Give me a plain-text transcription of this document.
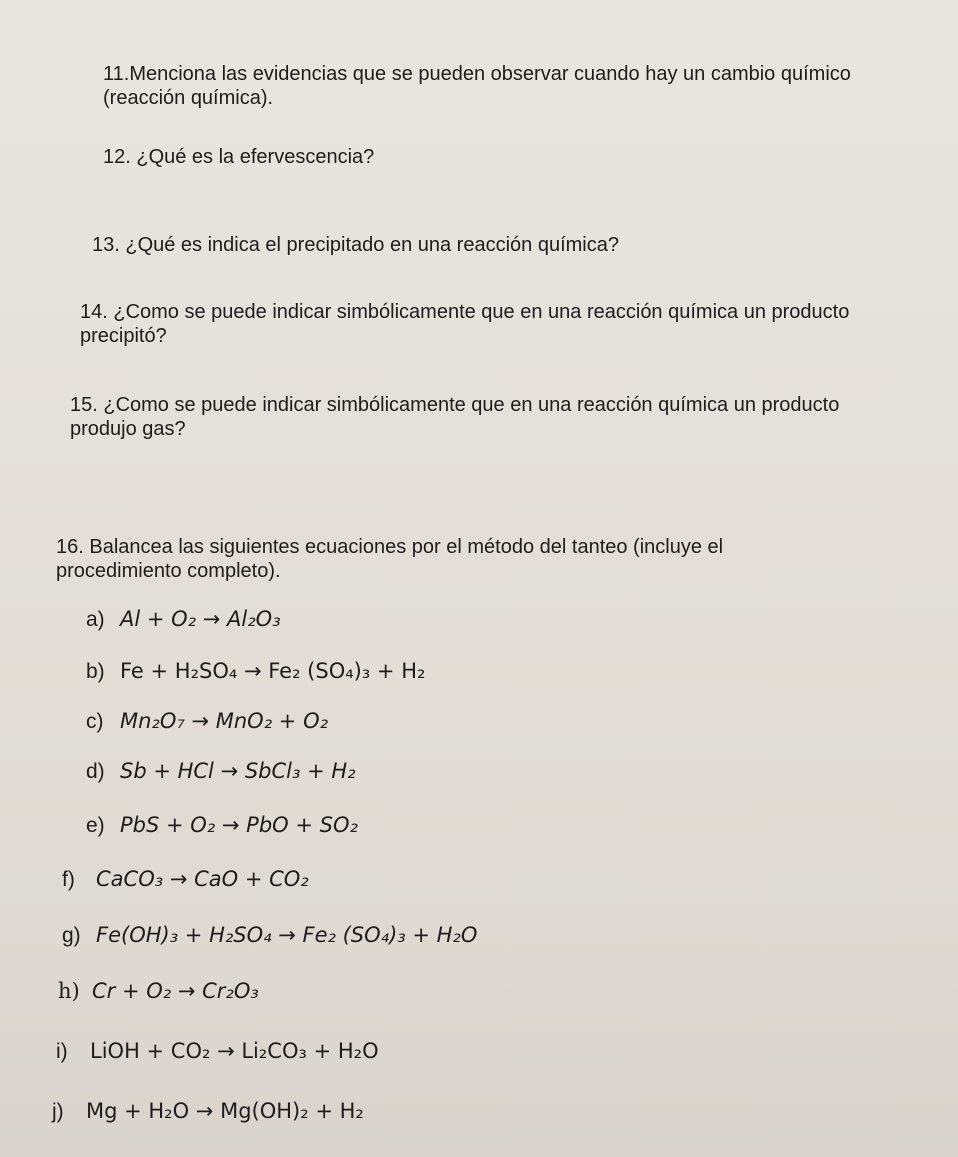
11.Menciona las evidencias que se pueden observar cuando hay un cambio químico
(reacción química).
12. ¿Qué es la efervescencia?
13. ¿Qué es indica el precipitado en una reacción química?
14. ¿Como se puede indicar simbólicamente que en una reacción química un producto
precipitó?
15. ¿Como se puede indicar simbólicamente que en una reacción química un producto
produjo gas?
16. Balancea las siguientes ecuaciones por el método del tanteo (incluye el
procedimiento completo).
a) Al + O₂ → Al₂O₃
b) Fe + H₂SO₄ → Fe₂ (SO₄)₃ + H₂
c) Mn₂O₇ → MnO₂ + O₂
d) Sb + HCl → SbCl₃ + H₂
e) PbS + O₂ → PbO + SO₂
f) CaCO₃ → CaO + CO₂
g) Fe(OH)₃ + H₂SO₄ → Fe₂ (SO₄)₃ + H₂O
h) Cr + O₂ → Cr₂O₃
i) LiOH + CO₂ → Li₂CO₃ + H₂O
j) Mg + H₂O → Mg(OH)₂ + H₂
